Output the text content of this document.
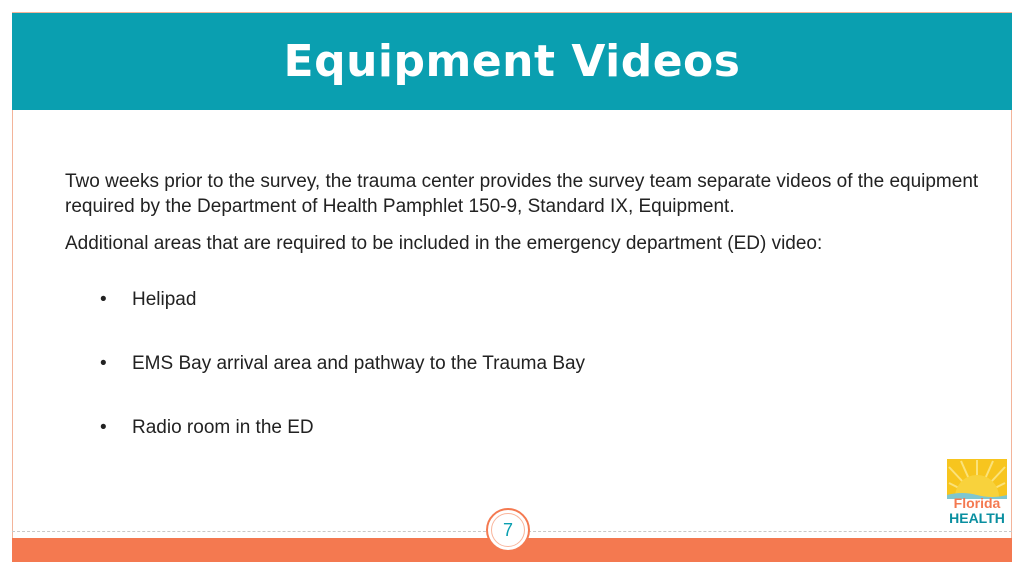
Equipment Videos

Two weeks prior to the survey, the trauma center provides the survey team separate videos of the equipment required by the Department of Health Pamphlet 150-9, Standard IX, Equipment.

Additional areas that are required to be included in the emergency department (ED) video:

•	Helipad
•	EMS Bay arrival area and pathway to the Trauma Bay
•	Radio room in the ED
7
Florida
HEALTH
